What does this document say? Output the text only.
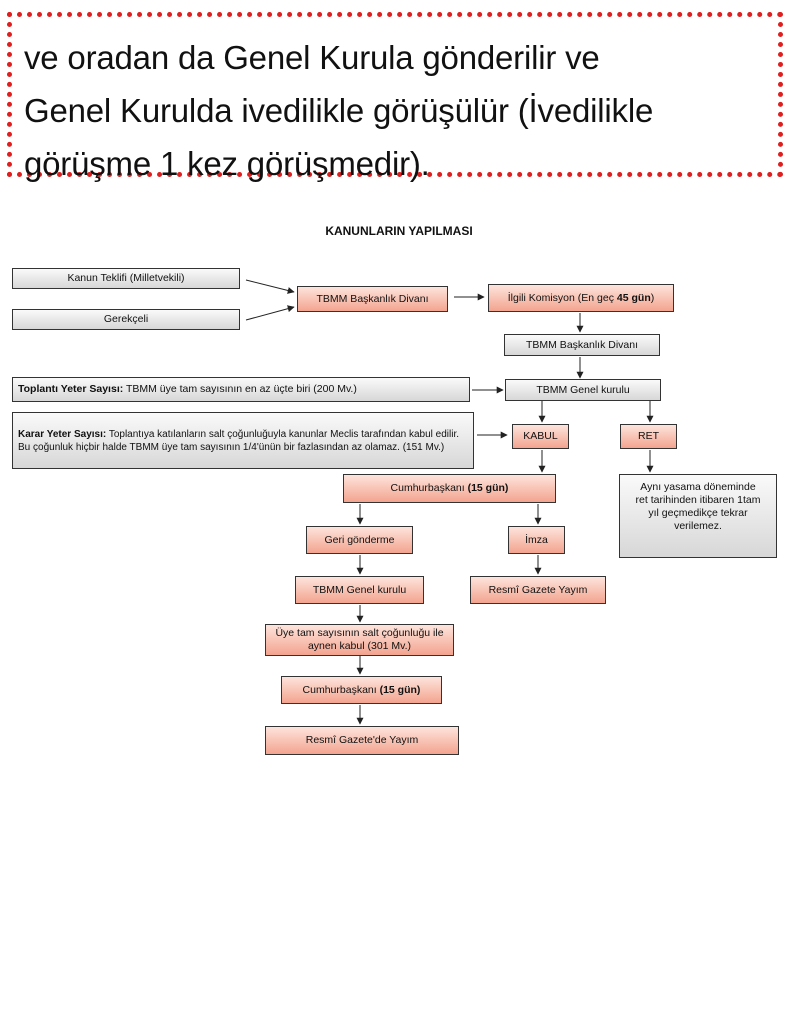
ve oradan da Genel Kurula gönderilir ve
Genel Kurulda ivedilikle görüşülür (İvedilikle
görüşme 1 kez görüşmedir).
KANUNLARIN YAPILMASI
Kanun Teklifi (Milletvekili)
Gerekçeli
TBMM Başkanlık Divanı	İlgili Komisyon (En geç 45 gün )
TBMM Başkanlık Divanı
Toplantı Yeter Sayısı: TBMM üye tam sayısının en az üçte biri (200 Mv.)	TBMM Genel kurulu
Karar Yeter Sayısı: Toplantıya katılanların salt çoğunluğuyla kanunlar Meclis tarafından kabul edilir. Bu çoğunluk hiçbir halde TBMM üye tam sayısının 1/4'ünün bir fazlasından az olamaz. (151 Mv.)
KABUL	RET
Aynı yasama döneminde ret tarihinden itibaren 1tam yıl geçmedikçe tekrar verilemez.
Cumhurbaşkanı (15 gün)
Geri gönderme	İmza
TBMM Genel kurulu	Resmî Gazete Yayım
Üye tam sayısının salt çoğunluğu ile aynen kabul (301 Mv.)
Cumhurbaşkanı (15 gün)
Resmî Gazete'de Yayım
